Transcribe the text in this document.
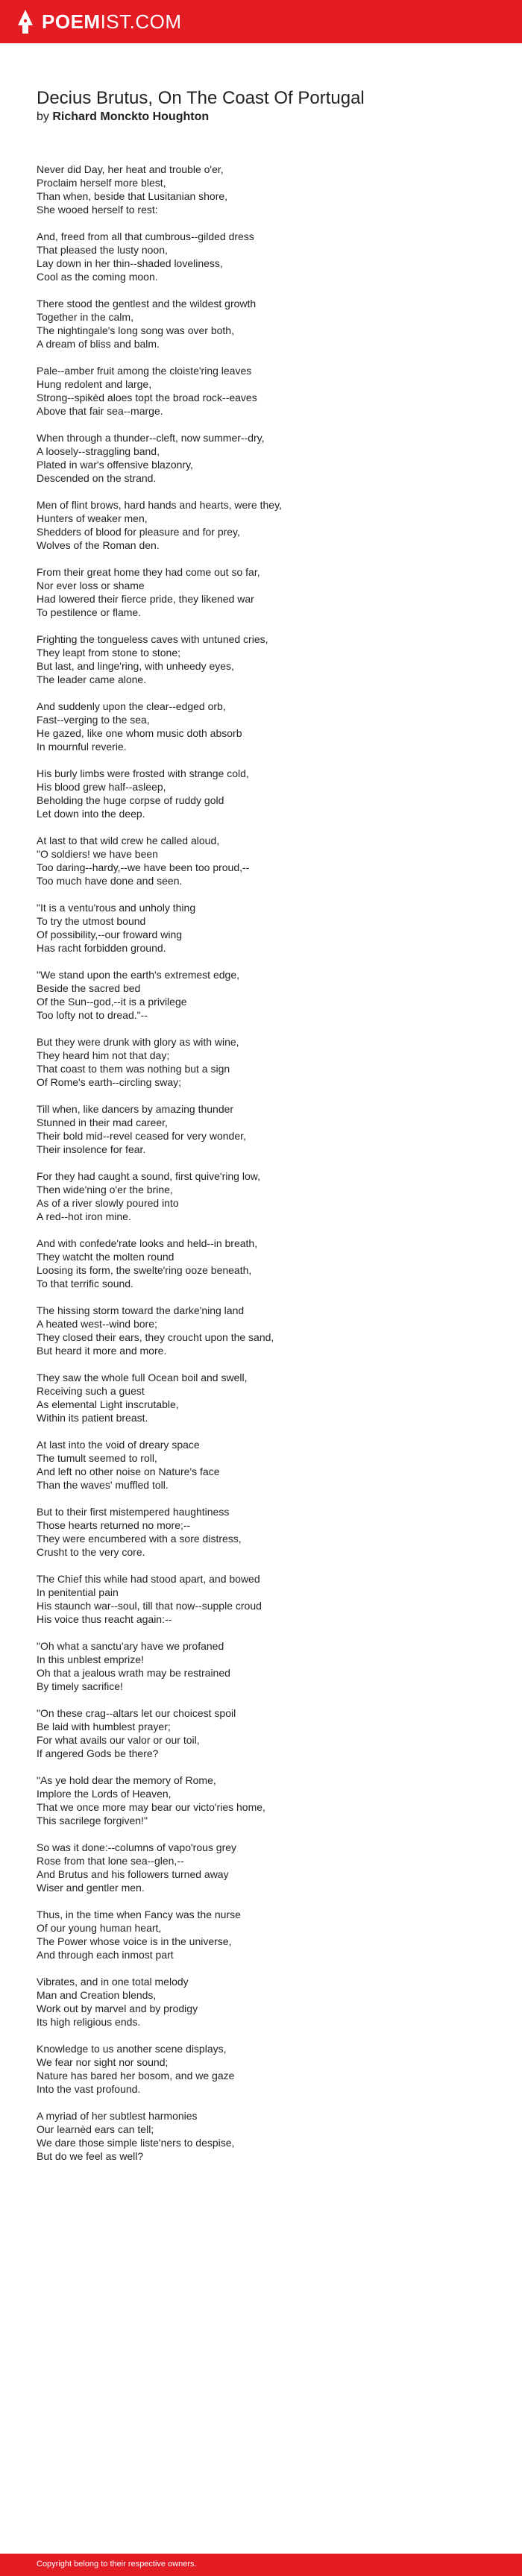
POEMIST.COM
Decius Brutus, On The Coast Of Portugal
by Richard Monckto Houghton
Never did Day, her heat and trouble o'er,
Proclaim herself more blest,
Than when, beside that Lusitanian shore,
She wooed herself to rest:
And, freed from all that cumbrous--gilded dress
That pleased the lusty noon,
Lay down in her thin--shaded loveliness,
Cool as the coming moon.
There stood the gentlest and the wildest growth
Together in the calm,
The nightingale's long song was over both,
A dream of bliss and balm.
Pale--amber fruit among the cloiste'ring leaves
Hung redolent and large,
Strong--spikèd aloes topt the broad rock--eaves
Above that fair sea--marge.
When through a thunder--cleft, now summer--dry,
A loosely--straggling band,
Plated in war's offensive blazonry,
Descended on the strand.
Men of flint brows, hard hands and hearts, were they,
Hunters of weaker men,
Shedders of blood for pleasure and for prey,
Wolves of the Roman den.
From their great home they had come out so far,
Nor ever loss or shame
Had lowered their fierce pride, they likened war
To pestilence or flame.
Frighting the tongueless caves with untuned cries,
They leapt from stone to stone;
But last, and linge'ring, with unheedy eyes,
The leader came alone.
And suddenly upon the clear--edged orb,
Fast--verging to the sea,
He gazed, like one whom music doth absorb
In mournful reverie.
His burly limbs were frosted with strange cold,
His blood grew half--asleep,
Beholding the huge corpse of ruddy gold
Let down into the deep.
At last to that wild crew he called aloud,
"O soldiers! we have been
Too daring--hardy,--we have been too proud,--
Too much have done and seen.
"It is a ventu'rous and unholy thing
To try the utmost bound
Of possibility,--our froward wing
Has racht forbidden ground.
"We stand upon the earth's extremest edge,
Beside the sacred bed
Of the Sun--god,--it is a privilege
Too lofty not to dread."--
But they were drunk with glory as with wine,
They heard him not that day;
That coast to them was nothing but a sign
Of Rome's earth--circling sway;
Till when, like dancers by amazing thunder
Stunned in their mad career,
Their bold mid--revel ceased for very wonder,
Their insolence for fear.
For they had caught a sound, first quive'ring low,
Then wide'ning o'er the brine,
As of a river slowly poured into
A red--hot iron mine.
And with confede'rate looks and held--in breath,
They watcht the molten round
Loosing its form, the swelte'ring ooze beneath,
To that terrific sound.
The hissing storm toward the darke'ning land
A heated west--wind bore;
They closed their ears, they croucht upon the sand,
But heard it more and more.
They saw the whole full Ocean boil and swell,
Receiving such a guest
As elemental Light inscrutable,
Within its patient breast.
At last into the void of dreary space
The tumult seemed to roll,
And left no other noise on Nature's face
Than the waves' muffled toll.
But to their first mistempered haughtiness
Those hearts returned no more;--
They were encumbered with a sore distress,
Crusht to the very core.
The Chief this while had stood apart, and bowed
In penitential pain
His staunch war--soul, till that now--supple croud
His voice thus reacht again:--
"Oh what a sanctu'ary have we profaned
In this unblest emprize!
Oh that a jealous wrath may be restrained
By timely sacrifice!
"On these crag--altars let our choicest spoil
Be laid with humblest prayer;
For what avails our valor or our toil,
If angered Gods be there?
"As ye hold dear the memory of Rome,
Implore the Lords of Heaven,
That we once more may bear our victo'ries home,
This sacrilege forgiven!"
So was it done:--columns of vapo'rous grey
Rose from that lone sea--glen,--
And Brutus and his followers turned away
Wiser and gentler men.
Thus, in the time when Fancy was the nurse
Of our young human heart,
The Power whose voice is in the universe,
And through each inmost part
Vibrates, and in one total melody
Man and Creation blends,
Work out by marvel and by prodigy
Its high religious ends.
Knowledge to us another scene displays,
We fear nor sight nor sound;
Nature has bared her bosom, and we gaze
Into the vast profound.
A myriad of her subtlest harmonies
Our learnèd ears can tell;
We dare those simple liste'ners to despise,
But do we feel as well?
Copyright belong to their respective owners.
